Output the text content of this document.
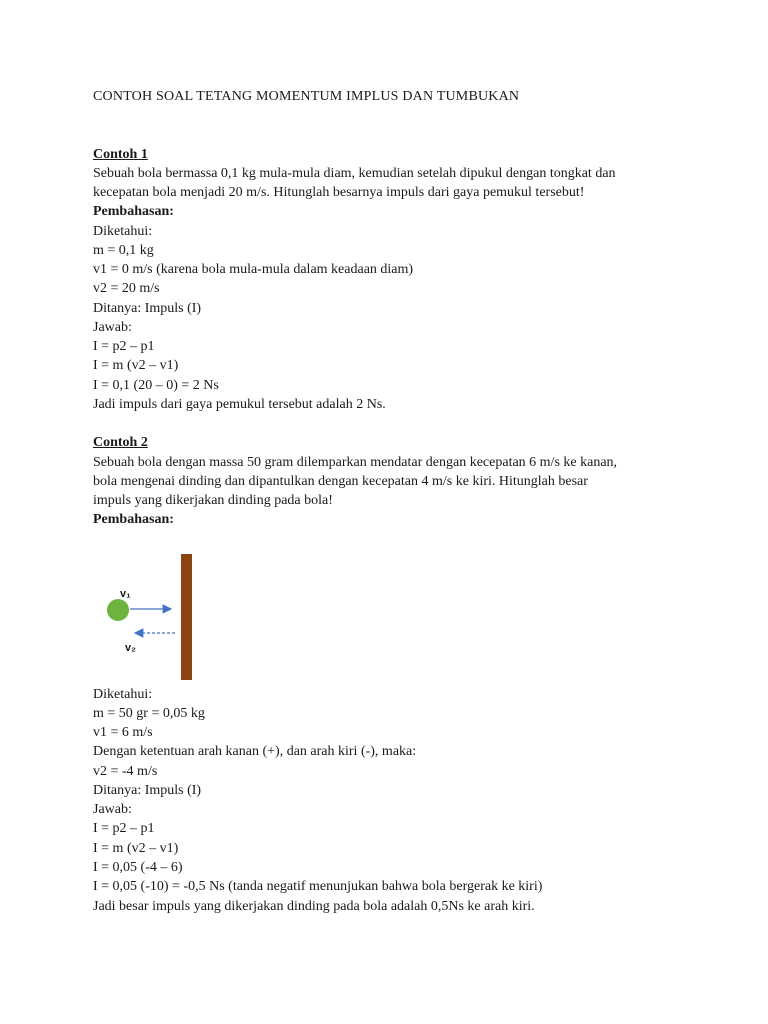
CONTOH SOAL TETANG MOMENTUM IMPLUS DAN TUMBUKAN
Contoh 1
Sebuah bola bermassa 0,1 kg mula-mula diam, kemudian setelah dipukul dengan tongkat dan
kecepatan bola menjadi 20 m/s. Hitunglah besarnya impuls dari gaya pemukul tersebut!
Pembahasan:
Diketahui:
m = 0,1 kg
v1 = 0 m/s (karena bola mula-mula dalam keadaan diam)
v2 = 20 m/s
Ditanya: Impuls (I)
Jawab:
I = p2 – p1
I = m (v2 – v1)
I = 0,1 (20 – 0) = 2 Ns
Jadi impuls dari gaya pemukul tersebut adalah 2 Ns.
Contoh 2
Sebuah bola dengan massa 50 gram dilemparkan mendatar dengan kecepatan 6 m/s ke kanan,
bola mengenai dinding dan dipantulkan dengan kecepatan 4 m/s ke kiri. Hitunglah besar
impuls yang dikerjakan dinding pada bola!
Pembahasan:
v₁
v₂
Diketahui:
m = 50 gr = 0,05 kg
v1 = 6 m/s
Dengan ketentuan arah kanan (+), dan arah kiri (-), maka:
v2 = -4 m/s
Ditanya: Impuls (I)
Jawab:
I = p2 – p1
I = m (v2 – v1)
I = 0,05 (-4 – 6)
I = 0,05 (-10) = -0,5 Ns (tanda negatif menunjukan bahwa bola bergerak ke kiri)
Jadi besar impuls yang dikerjakan dinding pada bola adalah 0,5Ns ke arah kiri.
